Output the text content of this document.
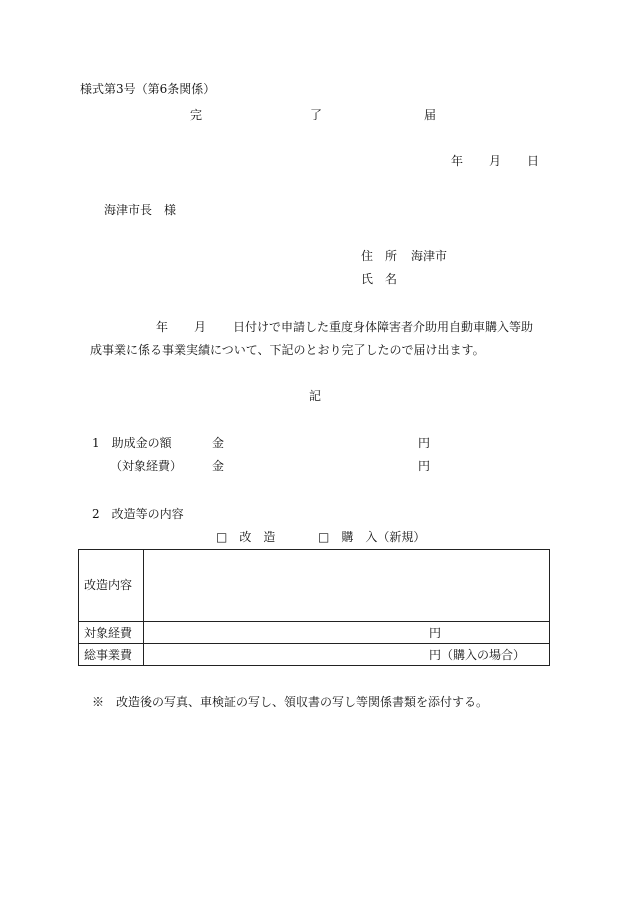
様式第3号（第6条関係）
完	了	届
年 月 日
海津市長　様
住　所 海津市
氏　名
年 月 日付けで申請した重度身体障害者介助用自動車購入等助
成事業に係る事業実績について、下記のとおり完了したので届け出ます。
記
1　助成金の額	金	円
（対象経費） 金	円
2　改造等の内容
□　改　造	□　購　入（新規）
改造内容
対象経費	円
総事業費	円（購入の場合）
※　改造後の写真、車検証の写し、領収書の写し等関係書類を添付する。
